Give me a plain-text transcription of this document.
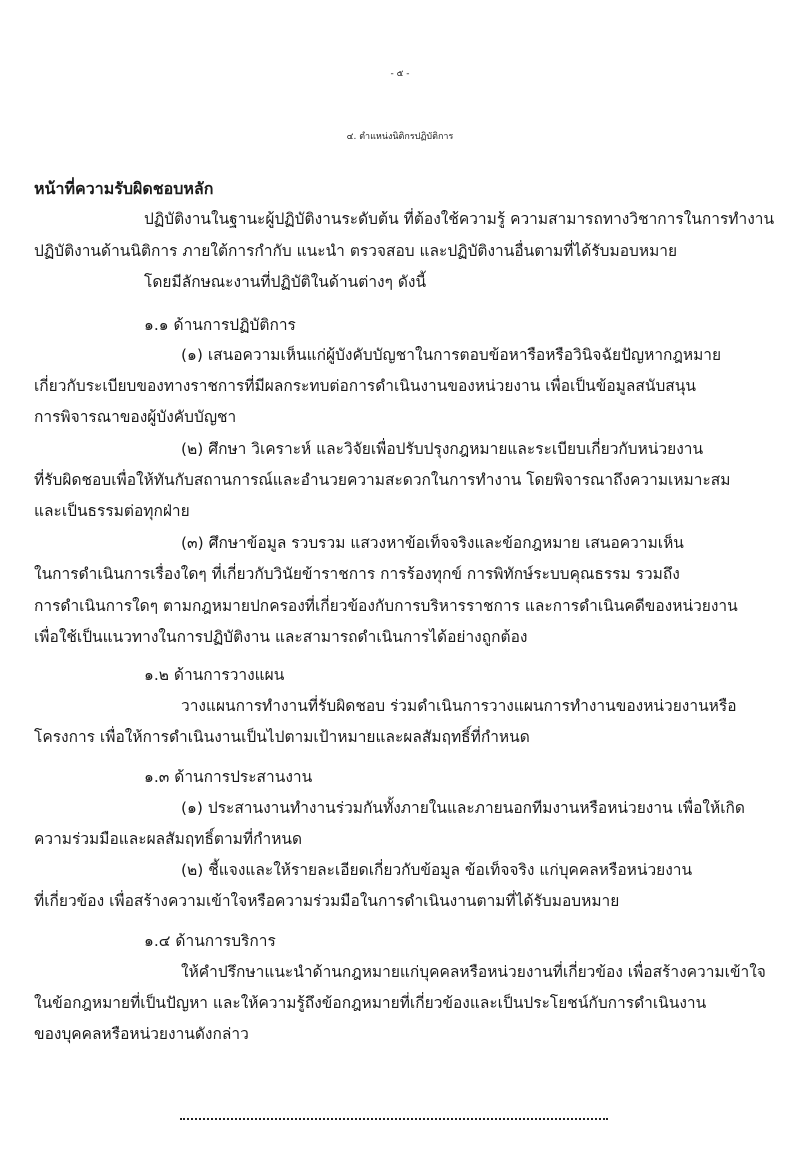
- ๕ -
๔. ตำแหน่งนิติกรปฏิบัติการ
หน้าที่ความรับผิดชอบหลัก
ปฏิบัติงานในฐานะผู้ปฏิบัติงานระดับต้น ที่ต้องใช้ความรู้ ความสามารถทางวิชาการในการทำงาน
ปฏิบัติงานด้านนิติการ ภายใต้การกำกับ แนะนำ ตรวจสอบ และปฏิบัติงานอื่นตามที่ได้รับมอบหมาย
โดยมีลักษณะงานที่ปฏิบัติในด้านต่างๆ ดังนี้
๑.๑ ด้านการปฏิบัติการ
(๑) เสนอความเห็นแก่ผู้บังคับบัญชาในการตอบข้อหารือหรือวินิจฉัยปัญหากฎหมาย
เกี่ยวกับระเบียบของทางราชการที่มีผลกระทบต่อการดำเนินงานของหน่วยงาน เพื่อเป็นข้อมูลสนับสนุน
การพิจารณาของผู้บังคับบัญชา
(๒) ศึกษา วิเคราะห์ และวิจัยเพื่อปรับปรุงกฎหมายและระเบียบเกี่ยวกับหน่วยงาน
ที่รับผิดชอบเพื่อให้ทันกับสถานการณ์และอำนวยความสะดวกในการทำงาน โดยพิจารณาถึงความเหมาะสม
และเป็นธรรมต่อทุกฝ่าย
(๓) ศึกษาข้อมูล รวบรวม แสวงหาข้อเท็จจริงและข้อกฎหมาย เสนอความเห็น
ในการดำเนินการเรื่องใดๆ ที่เกี่ยวกับวินัยข้าราชการ การร้องทุกข์ การพิทักษ์ระบบคุณธรรม รวมถึง
การดำเนินการใดๆ ตามกฎหมายปกครองที่เกี่ยวข้องกับการบริหารราชการ และการดำเนินคดีของหน่วยงาน
เพื่อใช้เป็นแนวทางในการปฏิบัติงาน และสามารถดำเนินการได้อย่างถูกต้อง
๑.๒ ด้านการวางแผน
วางแผนการทำงานที่รับผิดชอบ ร่วมดำเนินการวางแผนการทำงานของหน่วยงานหรือ
โครงการ เพื่อให้การดำเนินงานเป็นไปตามเป้าหมายและผลสัมฤทธิ์ที่กำหนด
๑.๓ ด้านการประสานงาน
(๑) ประสานงานทำงานร่วมกันทั้งภายในและภายนอกทีมงานหรือหน่วยงาน เพื่อให้เกิด
ความร่วมมือและผลสัมฤทธิ์ตามที่กำหนด
(๒) ชี้แจงและให้รายละเอียดเกี่ยวกับข้อมูล ข้อเท็จจริง แก่บุคคลหรือหน่วยงาน
ที่เกี่ยวข้อง เพื่อสร้างความเข้าใจหรือความร่วมมือในการดำเนินงานตามที่ได้รับมอบหมาย
๑.๔ ด้านการบริการ
ให้คำปรึกษาแนะนำด้านกฎหมายแก่บุคคลหรือหน่วยงานที่เกี่ยวข้อง เพื่อสร้างความเข้าใจ
ในข้อกฎหมายที่เป็นปัญหา และให้ความรู้ถึงข้อกฎหมายที่เกี่ยวข้องและเป็นประโยชน์กับการดำเนินงาน
ของบุคคลหรือหน่วยงานดังกล่าว
